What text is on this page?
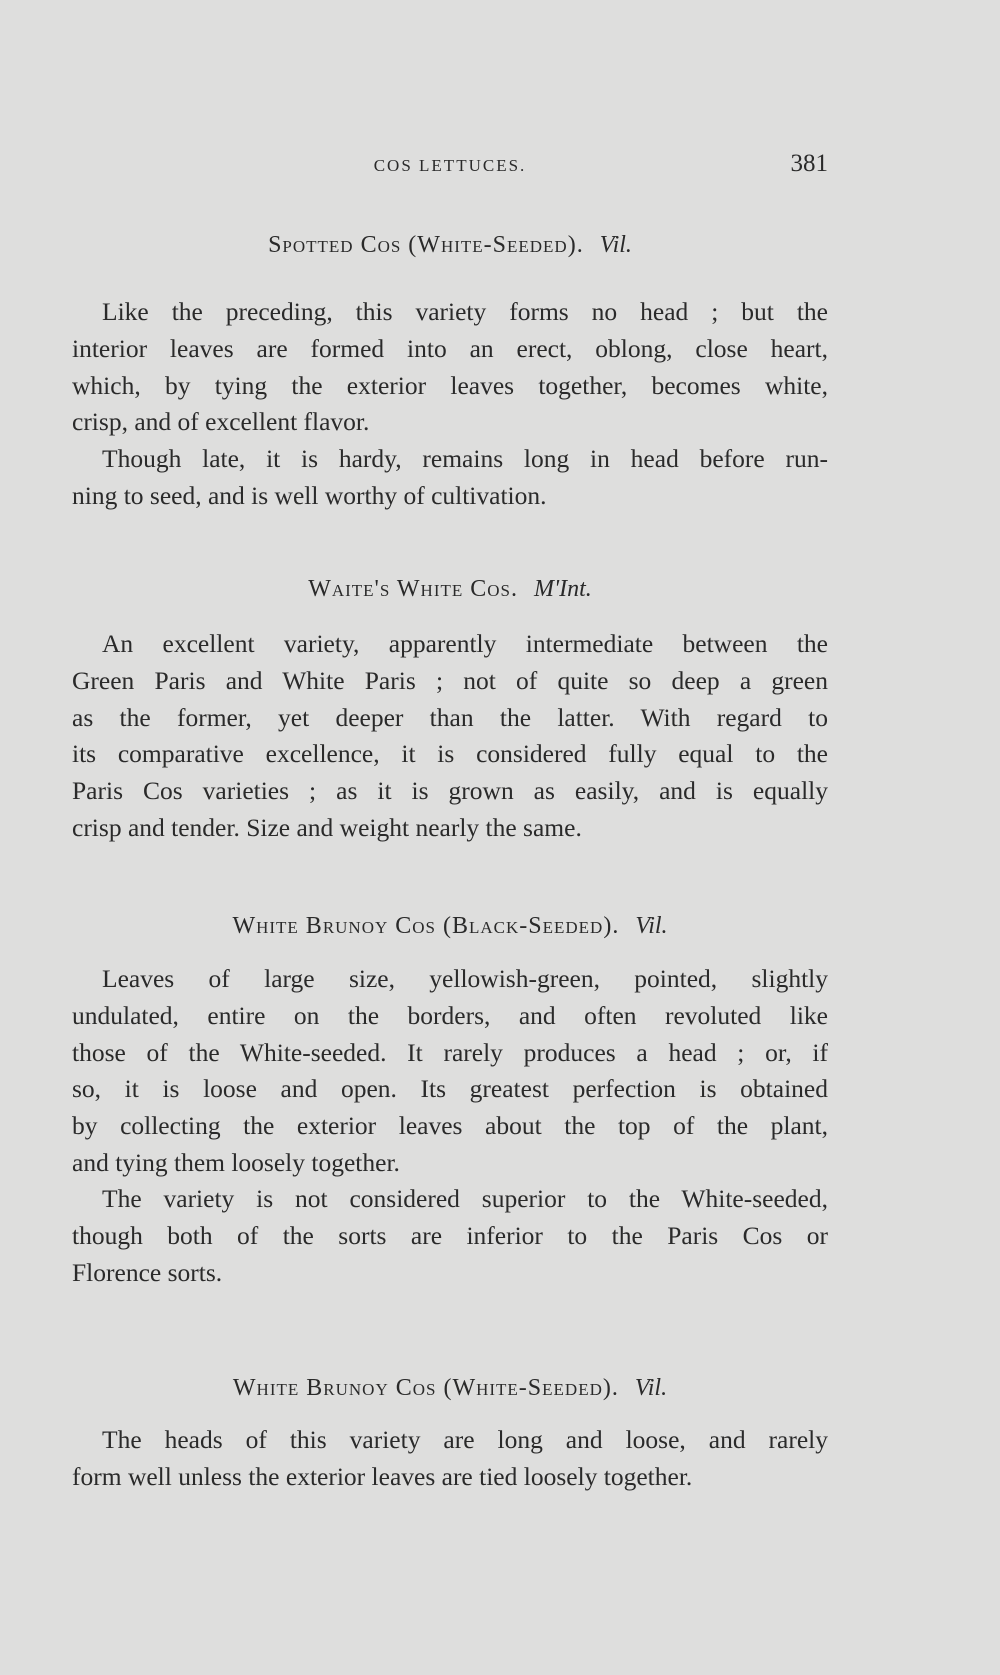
COS LETTUCES.	381
Spotted Cos (White-Seeded). Vil.

Like the preceding, this variety forms no head ; but the
interior leaves are formed into an erect, oblong, close heart,
which, by tying the exterior leaves together, becomes white,
crisp, and of excellent flavor.

Though late, it is hardy, remains long in head before run-
ning to seed, and is well worthy of cultivation.

Waite's White Cos. M'Int.

An excellent variety, apparently intermediate between the
Green Paris and White Paris ; not of quite so deep a green
as the former, yet deeper than the latter. With regard to
its comparative excellence, it is considered fully equal to the
Paris Cos varieties ; as it is grown as easily, and is equally
crisp and tender. Size and weight nearly the same.

White Brunoy Cos (Black-Seeded). Vil.

Leaves of large size, yellowish-green, pointed, slightly
undulated, entire on the borders, and often revoluted like
those of the White-seeded. It rarely produces a head ; or, if
so, it is loose and open. Its greatest perfection is obtained
by collecting the exterior leaves about the top of the plant,
and tying them loosely together.

The variety is not considered superior to the White-seeded,
though both of the sorts are inferior to the Paris Cos or
Florence sorts.

White Brunoy Cos (White-Seeded). Vil.

The heads of this variety are long and loose, and rarely
form well unless the exterior leaves are tied loosely together.
